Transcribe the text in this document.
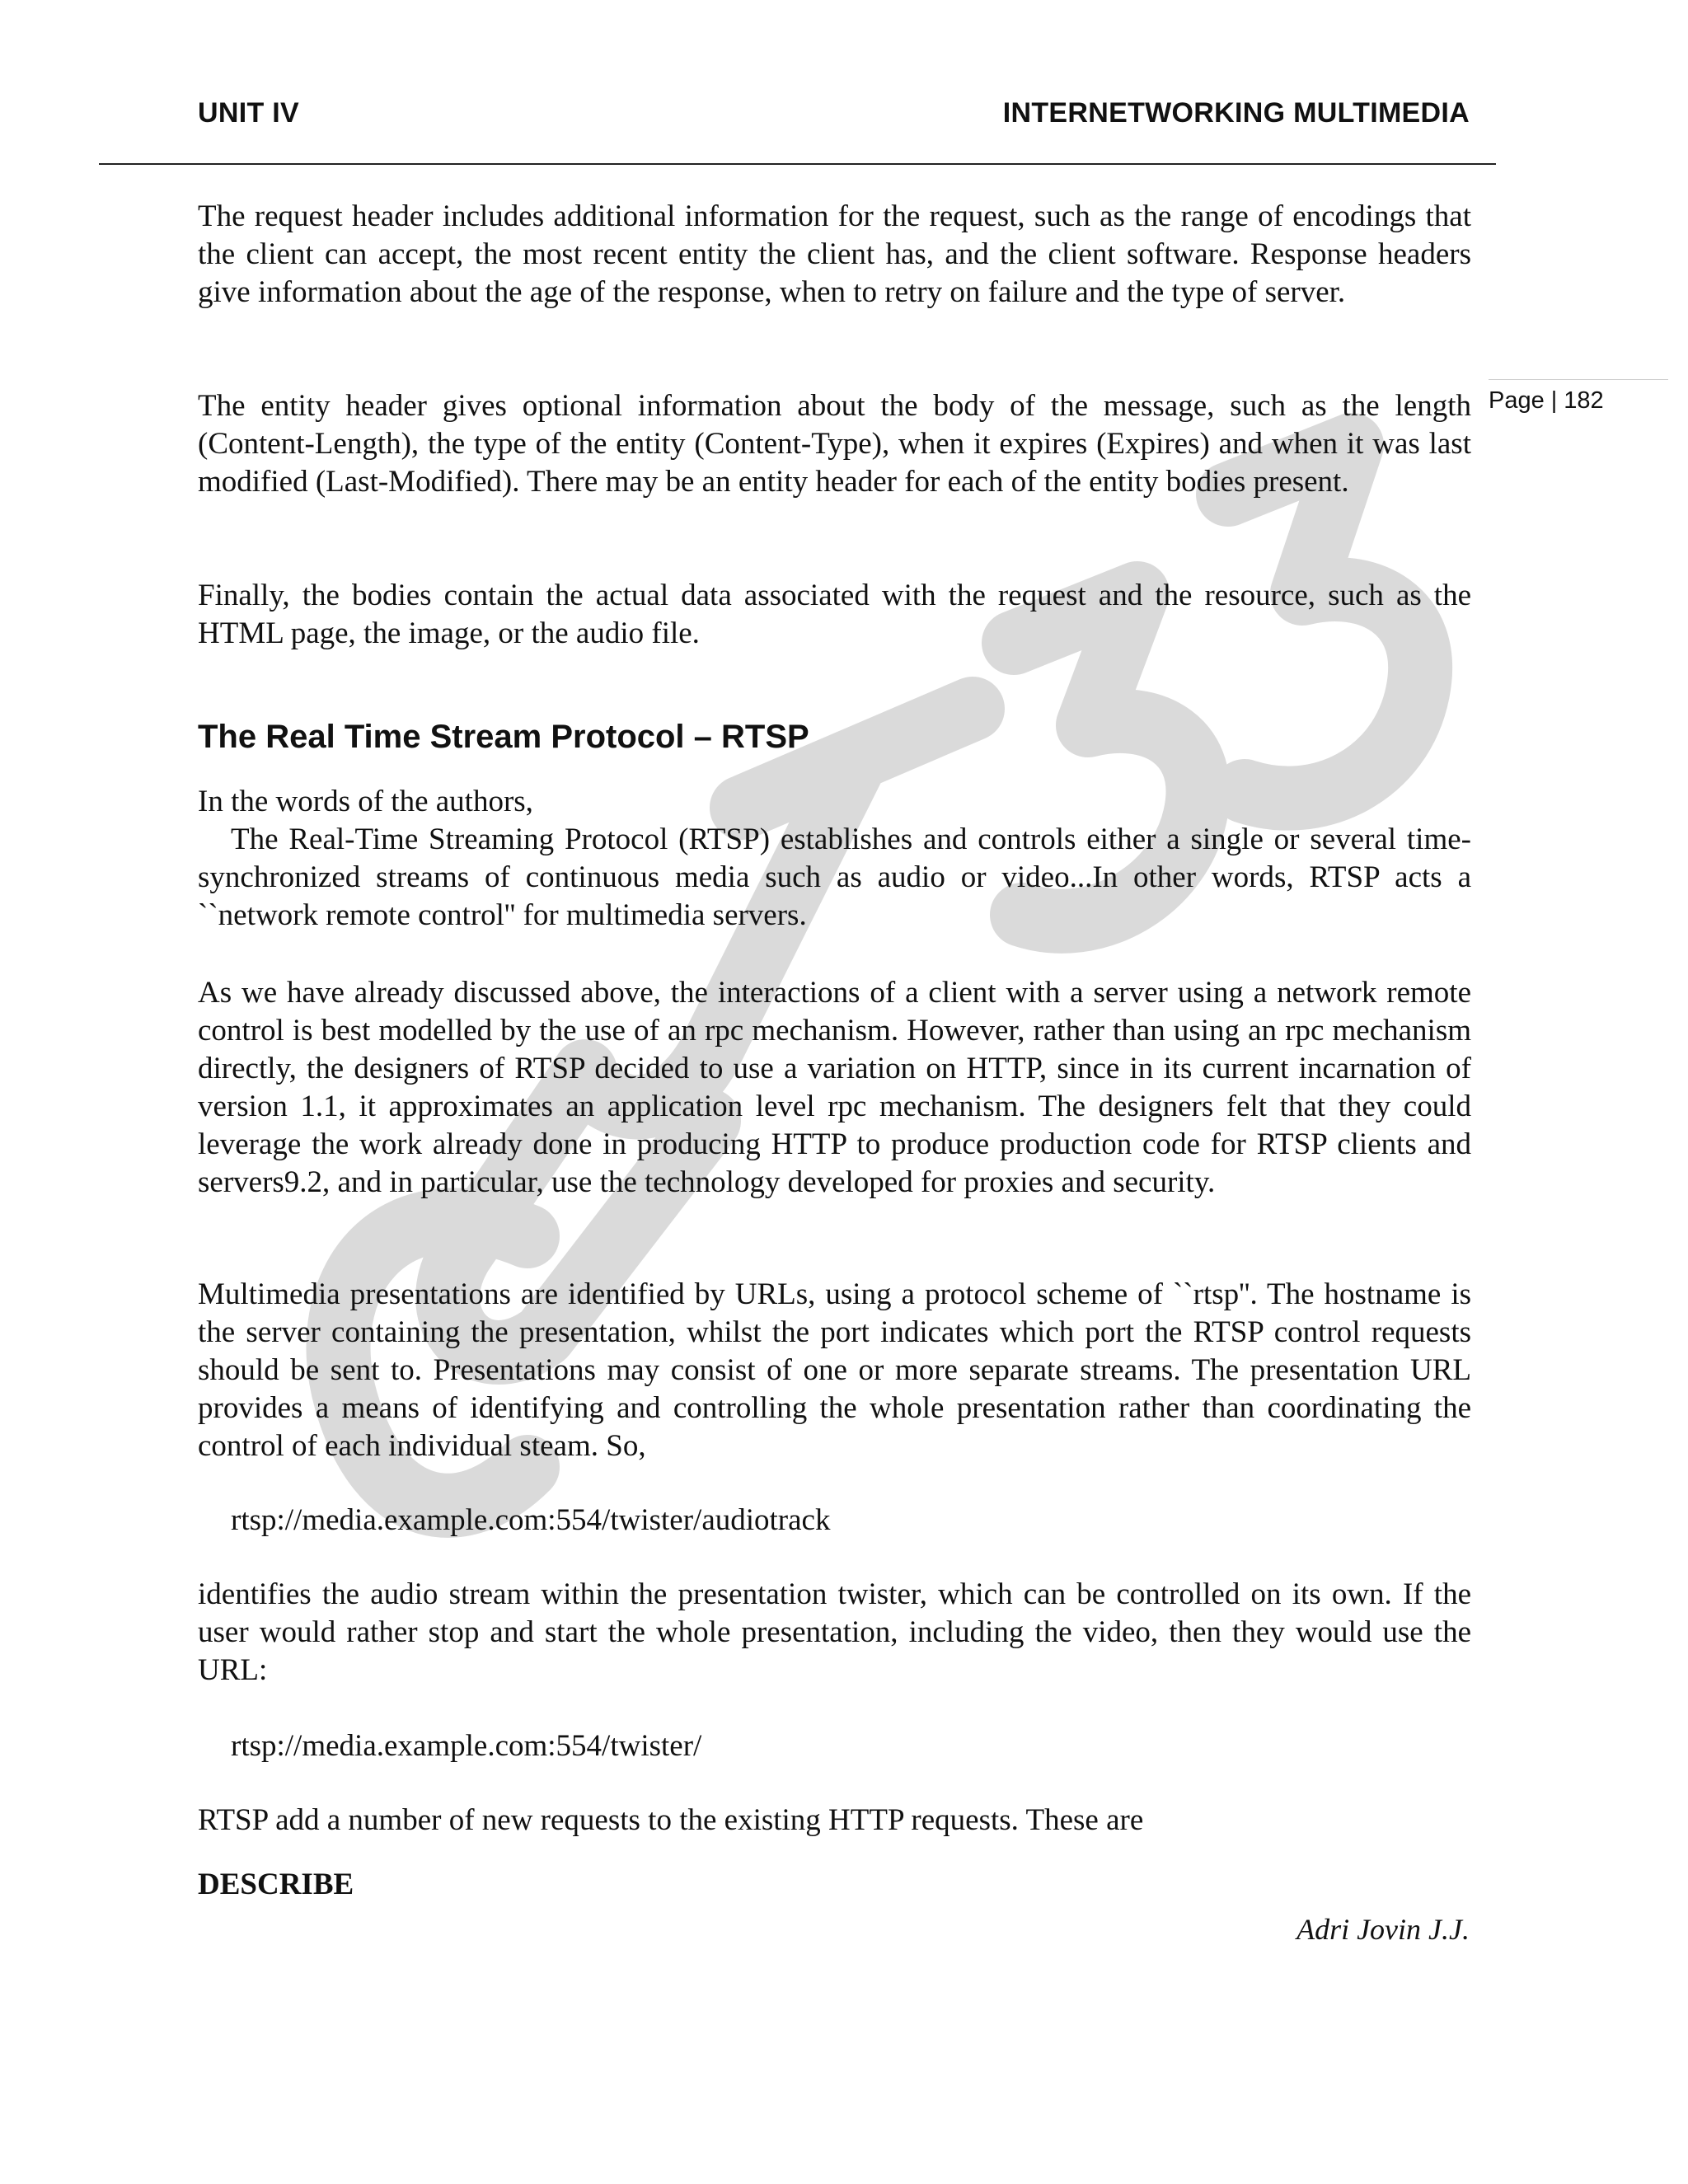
UNIT IV	INTERNETWORKING MULTIMEDIA
Page | 182

The request header includes additional information for the request, such as the range of encodings that the client can accept, the most recent entity the client has, and the client software. Response headers give information about the age of the response, when to retry on failure and the type of server.

The entity header gives optional information about the body of the message, such as the length (Content-Length), the type of the entity (Content-Type), when it expires (Expires) and when it was last modified (Last-Modified). There may be an entity header for each of the entity bodies present.

Finally, the bodies contain the actual data associated with the request and the resource, such as the HTML page, the image, or the audio file.

The Real Time Stream Protocol – RTSP

In the words of the authors,

The Real-Time Streaming Protocol (RTSP) establishes and controls either a single or several time-synchronized streams of continuous media such as audio or video...In other words, RTSP acts a ``network remote control'' for multimedia servers.

As we have already discussed above, the interactions of a client with a server using a network remote control is best modelled by the use of an rpc mechanism. However, rather than using an rpc mechanism directly, the designers of RTSP decided to use a variation on HTTP, since in its current incarnation of version 1.1, it approximates an application level rpc mechanism. The designers felt that they could leverage the work already done in producing HTTP to produce production code for RTSP clients and servers9.2, and in particular, use the technology developed for proxies and security.

Multimedia presentations are identified by URLs, using a protocol scheme of ``rtsp''. The hostname is the server containing the presentation, whilst the port indicates which port the RTSP control requests should be sent to. Presentations may consist of one or more separate streams. The presentation URL provides a means of identifying and controlling the whole presentation rather than coordinating the control of each individual steam. So,

rtsp://media.example.com:554/twister/audiotrack

identifies the audio stream within the presentation twister, which can be controlled on its own. If the user would rather stop and start the whole presentation, including the video, then they would use the URL:

rtsp://media.example.com:554/twister/

RTSP add a number of new requests to the existing HTTP requests. These are

DESCRIBE

Adri Jovin J.J.
